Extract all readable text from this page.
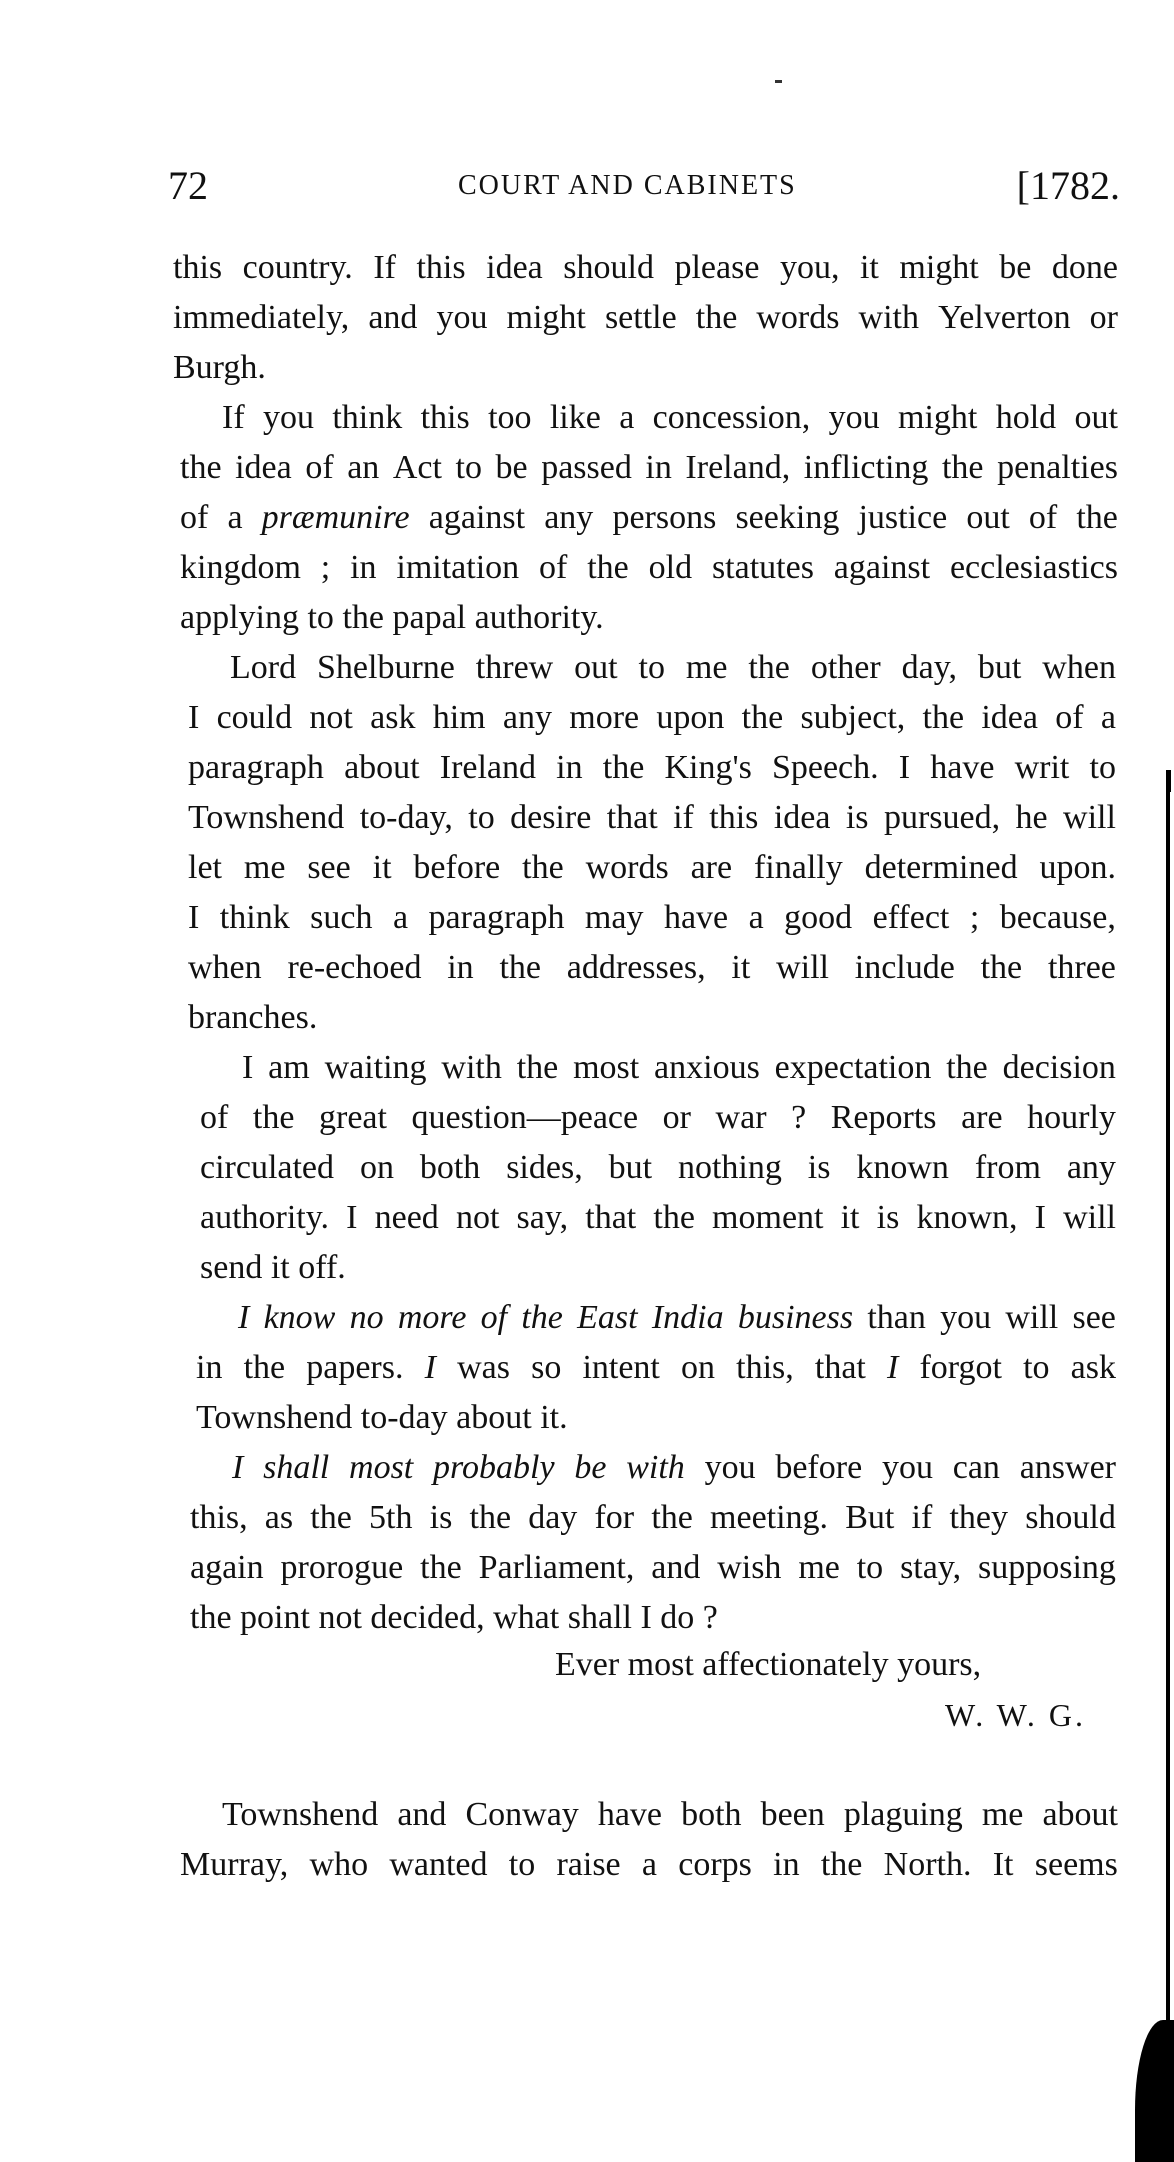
72	COURT AND CABINETS	[1782.
this country. If this idea should please you, it might be done
immediately, and you might settle the words with Yelverton or
Burgh.
If you think this too like a concession, you might hold out
the idea of an Act to be passed in Ireland, inflicting the penalties
of a præmunire against any persons seeking justice out of the
kingdom ; in imitation of the old statutes against ecclesiastics
applying to the papal authority.
Lord Shelburne threw out to me the other day, but when
I could not ask him any more upon the subject, the idea of a
paragraph about Ireland in the King's Speech. I have writ to
Townshend to-day, to desire that if this idea is pursued, he will
let me see it before the words are finally determined upon.
I think such a paragraph may have a good effect ; because,
when re-echoed in the addresses, it will include the three
branches.
I am waiting with the most anxious expectation the decision
of the great question—peace or war ? Reports are hourly
circulated on both sides, but nothing is known from any
authority. I need not say, that the moment it is known, I will
send it off.
I know no more of the East India business than you will see
in the papers. I was so intent on this, that I forgot to ask
Townshend to-day about it.
I shall most probably be with you before you can answer
this, as the 5th is the day for the meeting. But if they should
again prorogue the Parliament, and wish me to stay, supposing
the point not decided, what shall I do ?
Townshend and Conway have both been plaguing me about
Murray, who wanted to raise a corps in the North. It seems
Ever most affectionately yours,
W. W. G.
